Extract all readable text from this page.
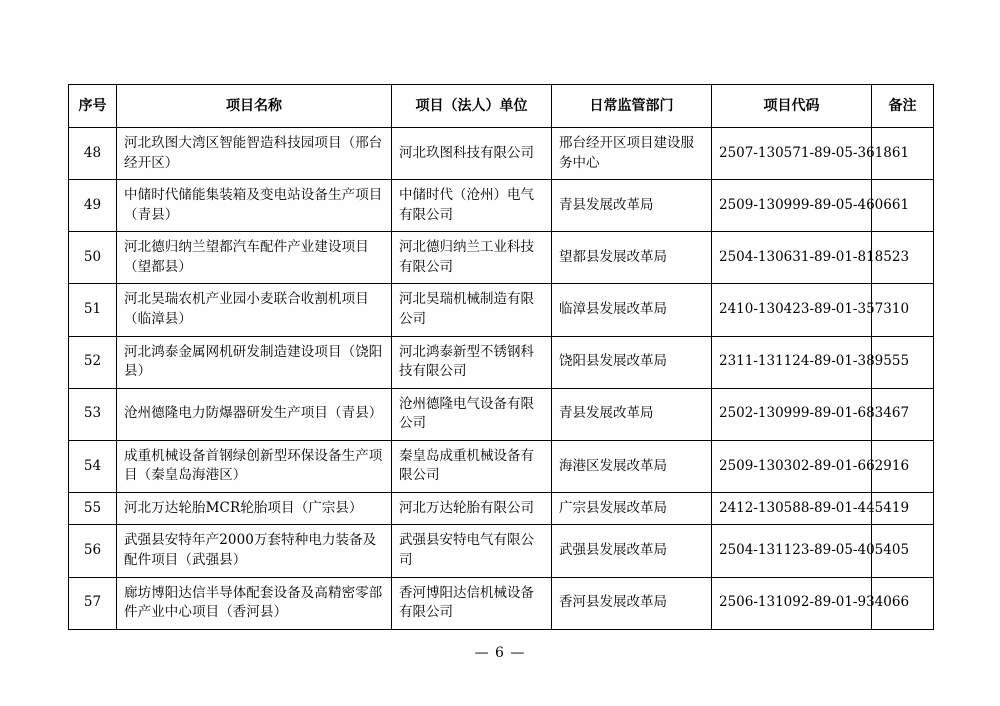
序号	项目名称	项目（法人）单位	日常监管部门	项目代码	备注
48	河北玖图大湾区智能智造科技园项目（邢台经开区）	河北玖图科技有限公司	邢台经开区项目建设服务中心	2507-130571-89-05-361861	
49	中储时代储能集装箱及变电站设备生产项目（青县）	中储时代（沧州）电气有限公司	青县发展改革局	2509-130999-89-05-460661	
50	河北德归纳兰望都汽车配件产业建设项目（望都县）	河北德归纳兰工业科技有限公司	望都县发展改革局	2504-130631-89-01-818523	
51	河北昊瑞农机产业园小麦联合收割机项目（临漳县）	河北昊瑞机械制造有限公司	临漳县发展改革局	2410-130423-89-01-357310	
52	河北鸿泰金属网机研发制造建设项目（饶阳县）	河北鸿泰新型不锈钢科技有限公司	饶阳县发展改革局	2311-131124-89-01-389555	
53	沧州德隆电力防爆器研发生产项目（青县）	沧州德隆电气设备有限公司	青县发展改革局	2502-130999-89-01-683467	
54	成重机械设备首钢绿创新型环保设备生产项目（秦皇岛海港区）	秦皇岛成重机械设备有限公司	海港区发展改革局	2509-130302-89-01-662916	
55	河北万达轮胎MCR轮胎项目（广宗县）	河北万达轮胎有限公司	广宗县发展改革局	2412-130588-89-01-445419	
56	武强县安特年产2000万套特种电力装备及配件项目（武强县）	武强县安特电气有限公司	武强县发展改革局	2504-131123-89-05-405405	
57	廊坊博阳达信半导体配套设备及高精密零部件产业中心项目（香河县）	香河博阳达信机械设备有限公司	香河县发展改革局	2506-131092-89-01-934066	
— 6 —
